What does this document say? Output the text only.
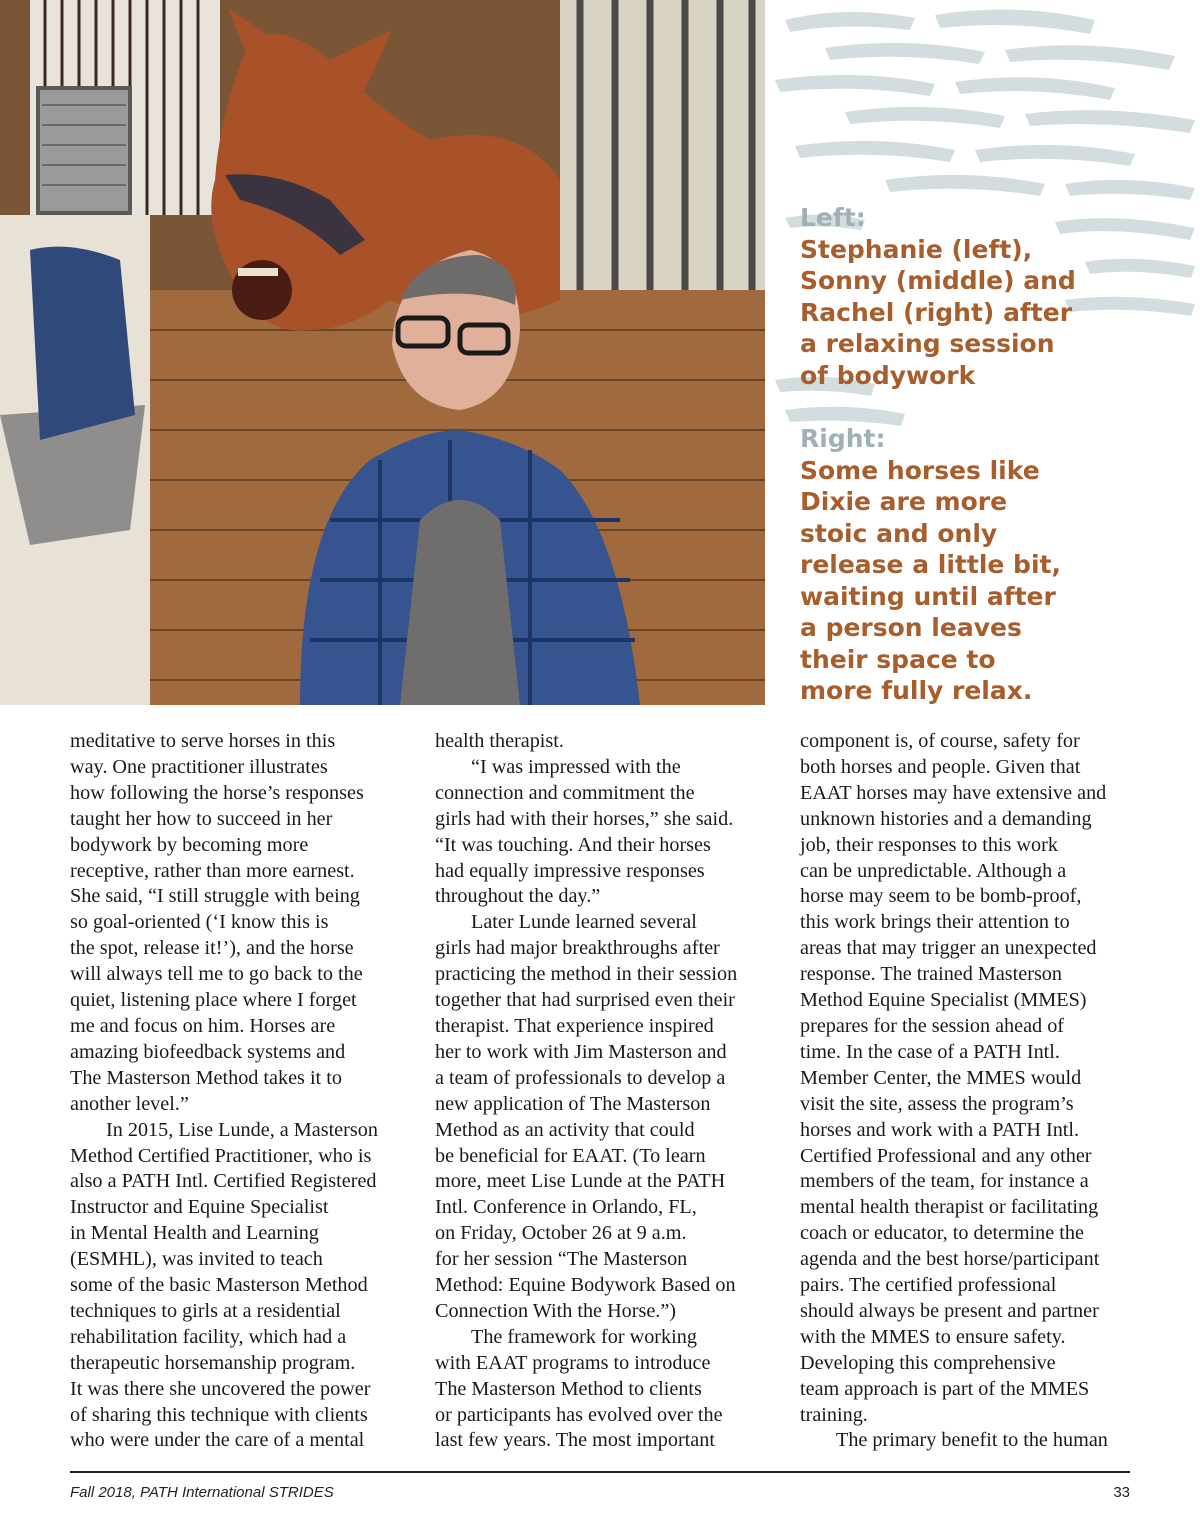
Left:

Stephanie (left),

Sonny (middle) and

Rachel (right) after

a relaxing session

of bodywork

Right:

Some horses like

Dixie are more

stoic and only

release a little bit,

waiting until after

a person leaves

their space to

more fully relax.

meditative to serve horses in this
way. One practitioner illustrates
how following the horse’s responses
taught her how to succeed in her
bodywork by becoming more
receptive, rather than more earnest.
She said, “I still struggle with being
so goal-oriented (‘I know this is
the spot, release it!’), and the horse
will always tell me to go back to the
quiet, listening place where I forget
me and focus on him. Horses are
amazing biofeedback systems and
The Masterson Method takes it to
another level.”

In 2015, Lise Lunde, a Masterson
Method Certified Practitioner, who is
also a PATH Intl. Certified Registered
Instructor and Equine Specialist
in Mental Health and Learning
(ESMHL), was invited to teach
some of the basic Masterson Method
techniques to girls at a residential
rehabilitation facility, which had a
therapeutic horsemanship program.
It was there she uncovered the power
of sharing this technique with clients
who were under the care of a mental

health therapist.

“I was impressed with the
connection and commitment the
girls had with their horses,” she said.
“It was touching. And their horses
had equally impressive responses
throughout the day.”

Later Lunde learned several
girls had major breakthroughs after
practicing the method in their session
together that had surprised even their
therapist. That experience inspired
her to work with Jim Masterson and
a team of professionals to develop a
new application of The Masterson
Method as an activity that could
be beneficial for EAAT. (To learn
more, meet Lise Lunde at the PATH
Intl. Conference in Orlando, FL,
on Friday, October 26 at 9 a.m.
for her session “The Masterson
Method: Equine Bodywork Based on
Connection With the Horse.”)

The framework for working
with EAAT programs to introduce
The Masterson Method to clients
or participants has evolved over the
last few years. The most important

component is, of course, safety for
both horses and people. Given that
EAAT horses may have extensive and
unknown histories and a demanding
job, their responses to this work
can be unpredictable. Although a
horse may seem to be bomb-proof,
this work brings their attention to
areas that may trigger an unexpected
response. The trained Masterson
Method Equine Specialist (MMES)
prepares for the session ahead of
time. In the case of a PATH Intl.
Member Center, the MMES would
visit the site, assess the program’s
horses and work with a PATH Intl.
Certified Professional and any other
members of the team, for instance a
mental health therapist or facilitating
coach or educator, to determine the
agenda and the best horse/participant
pairs. The certified professional
should always be present and partner
with the MMES to ensure safety.
Developing this comprehensive
team approach is part of the MMES
training.

The primary benefit to the human

Fall 2018, PATH International STRIDES	33
